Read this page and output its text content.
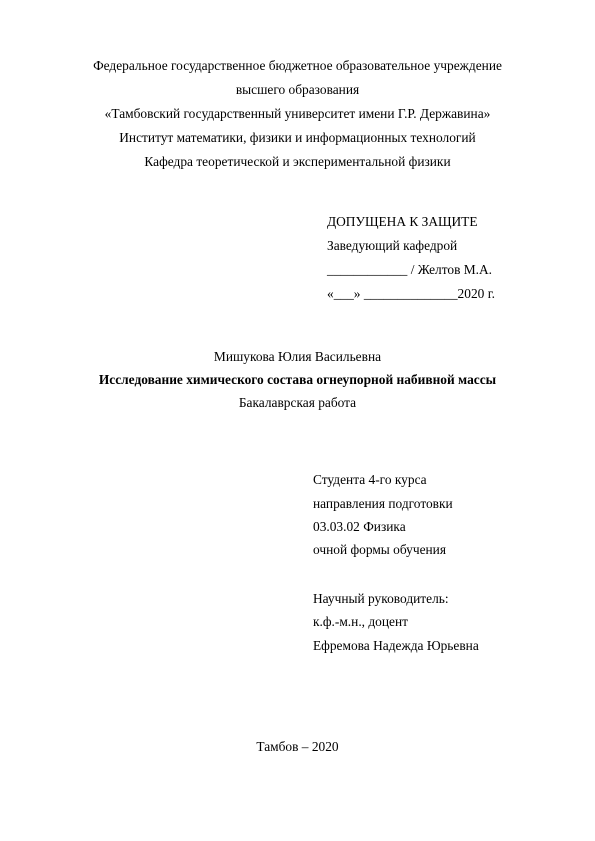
Федеральное государственное бюджетное образовательное учреждение
высшего образования
«Тамбовский государственный университет имени Г.Р. Державина»
Институт математики, физики и информационных технологий
Кафедра теоретической и экспериментальной физики
ДОПУЩЕНА К ЗАЩИТЕ
Заведующий кафедрой
____________ / Желтов М.А.
«___» ______________2020 г.
Мишукова Юлия Васильевна
Исследование химического состава огнеупорной набивной массы
Бакалаврская работа
Студента 4-го курса
направления подготовки
03.03.02 Физика
очной формы обучения
Научный руководитель:
к.ф.-м.н., доцент
Ефремова Надежда Юрьевна
Тамбов – 2020
